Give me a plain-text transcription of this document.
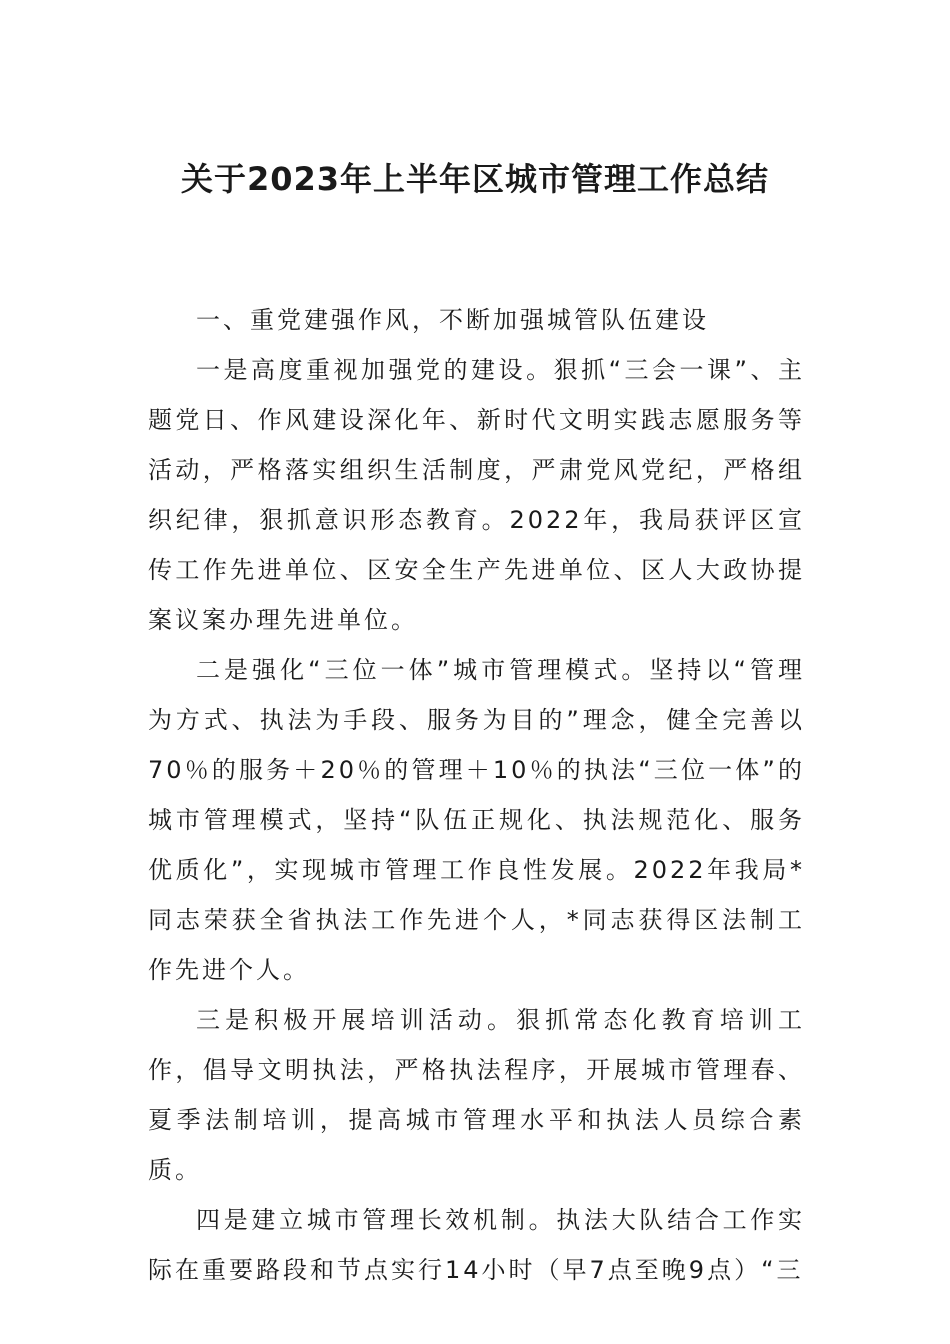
关于2023年上半年区城市管理工作总结

一、重党建强作风，不断加强城管队伍建设

一是高度重视加强党的建设。狠抓“三会一课”、主题党日、作风建设深化年、新时代文明实践志愿服务等活动，严格落实组织生活制度，严肃党风党纪，严格组织纪律，狠抓意识形态教育。2022年，我局获评区宣传工作先进单位、区安全生产先进单位、区人大政协提案议案办理先进单位。

二是强化“三位一体”城市管理模式。坚持以“管理为方式、执法为手段、服务为目的”理念，健全完善以70％的服务＋20％的管理＋10％的执法“三位一体”的城市管理模式，坚持“队伍正规化、执法规范化、服务优质化”，实现城市管理工作良性发展。2022年我局*同志荣获全省执法工作先进个人，*同志获得区法制工作先进个人。

三是积极开展培训活动。狠抓常态化教育培训工作，倡导文明执法，严格执法程序，开展城市管理春、夏季法制培训，提高城市管理水平和执法人员综合素质。

四是建立城市管理长效机制。执法大队结合工作实际在重要路段和节点实行14小时（早7点至晚9点）“三
